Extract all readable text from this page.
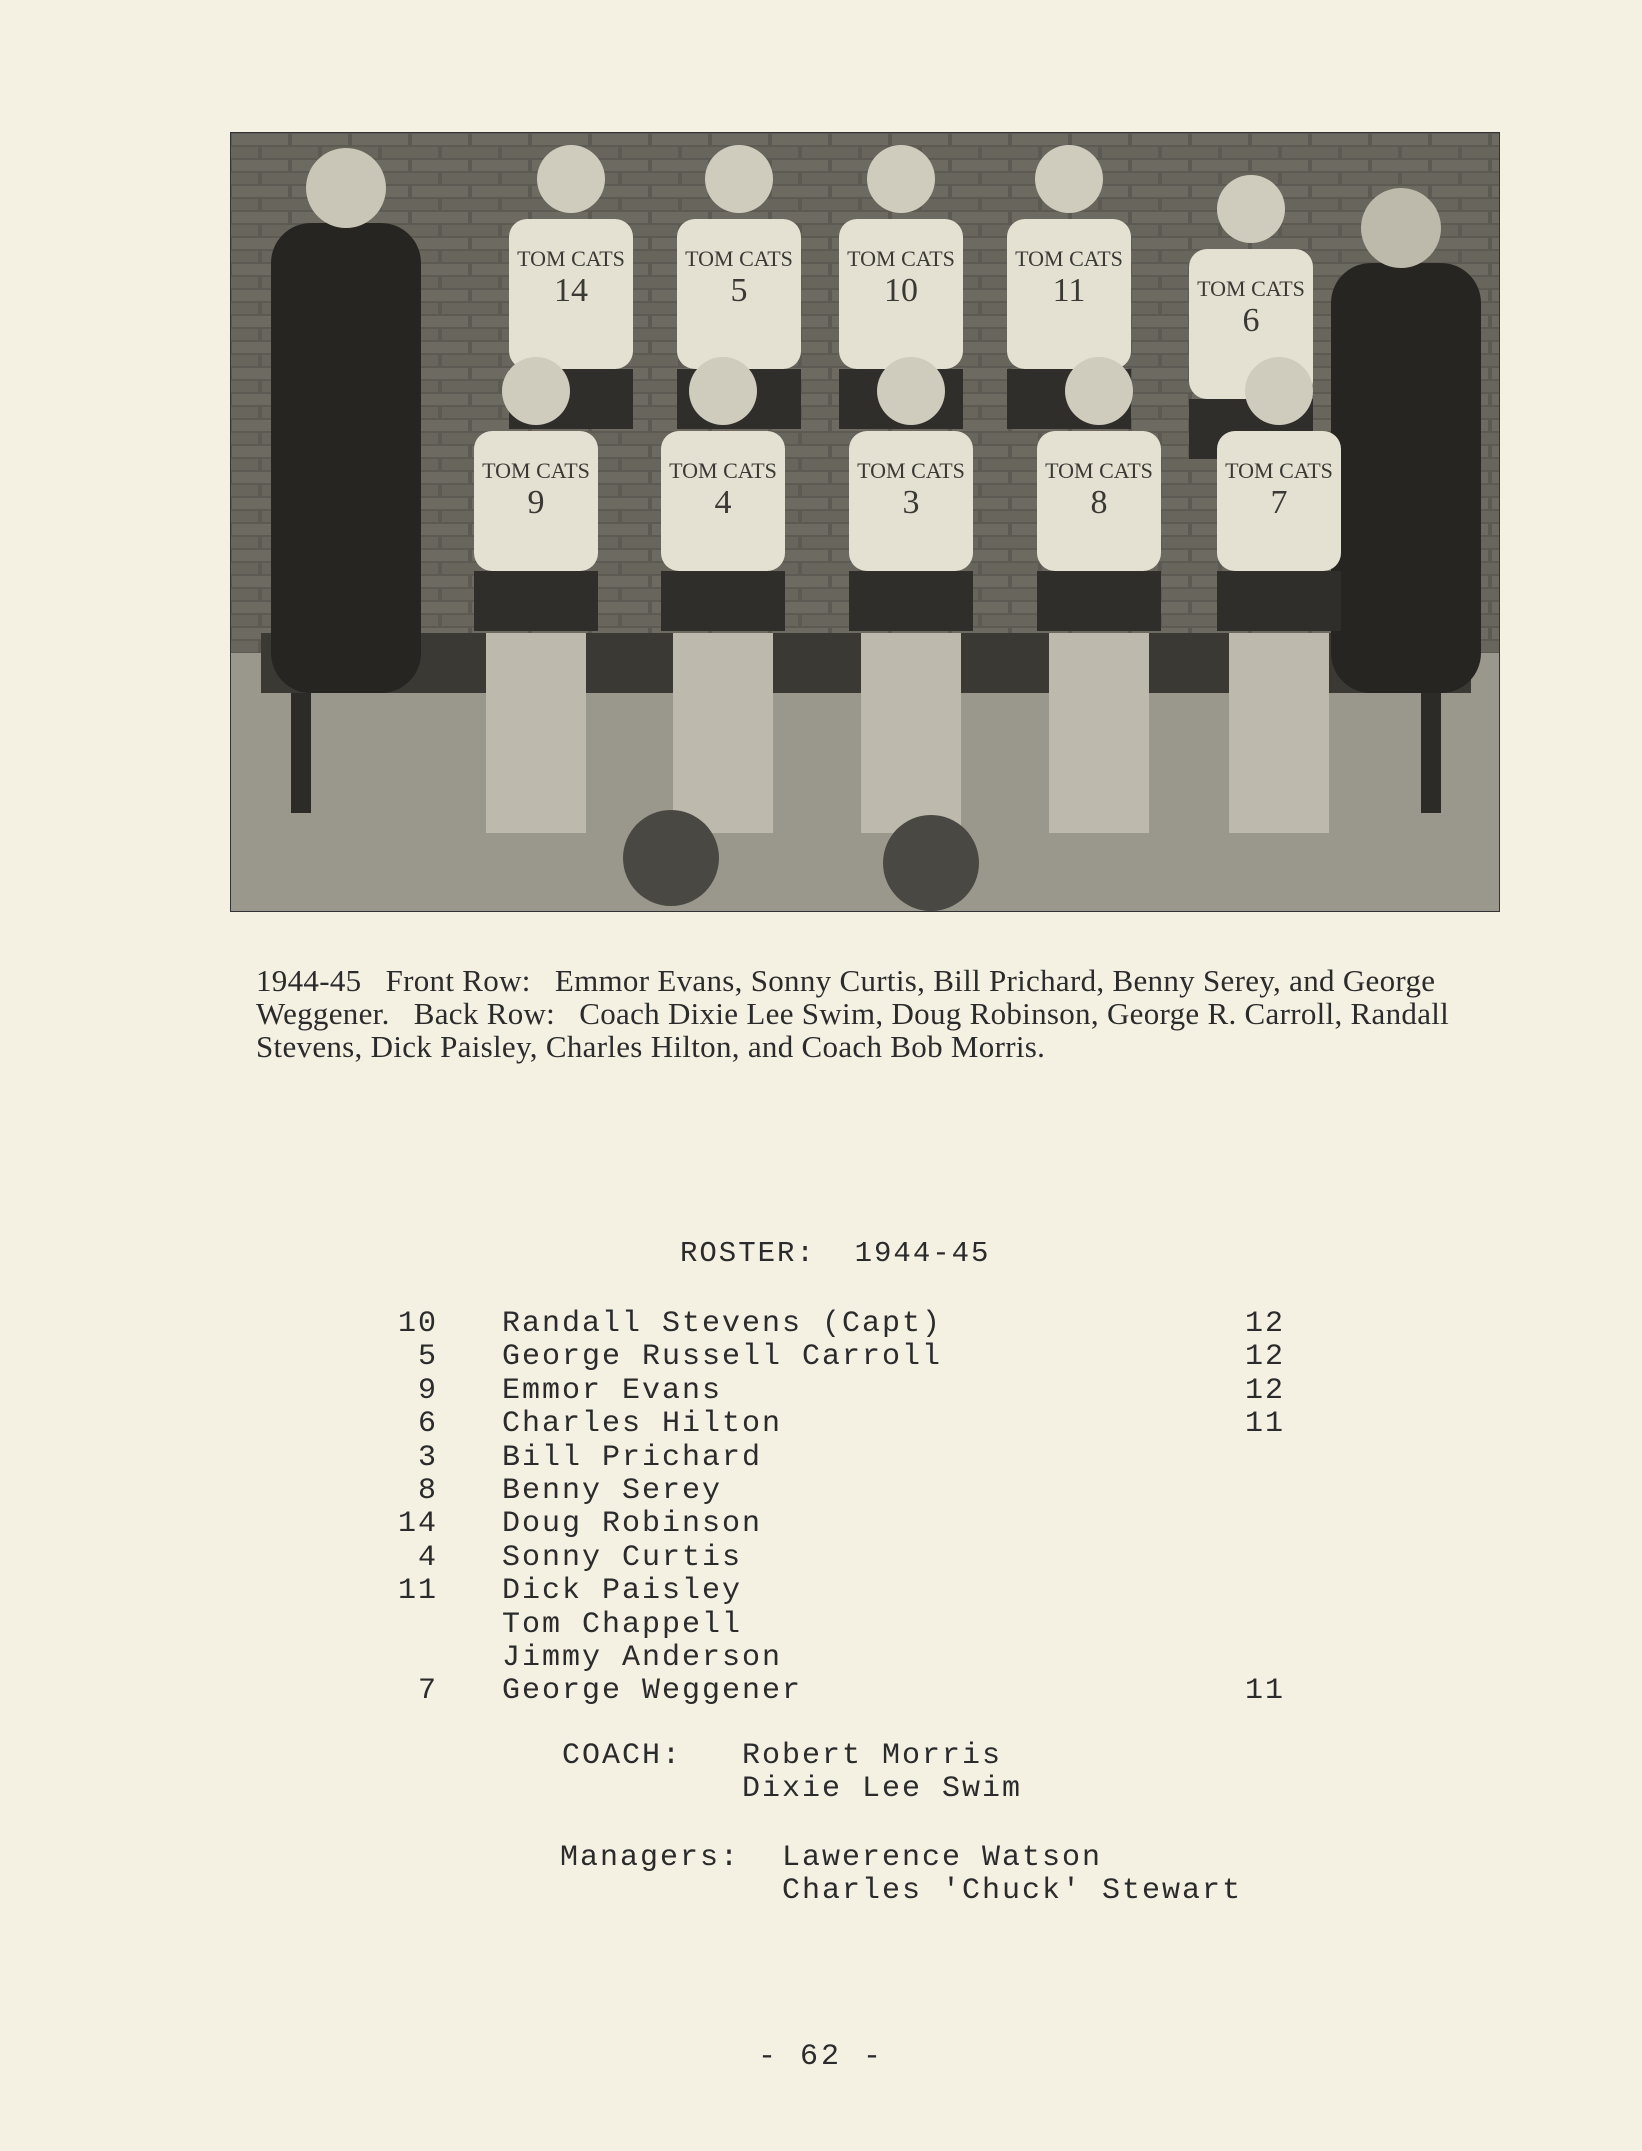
TOM CATS
14
TOM CATS
5
TOM CATS
10
TOM CATS
11	TOM CATS
6
TOM CATS
9
TOM CATS
4
TOM CATS
3
TOM CATS
8
TOM CATS
7
1944-45   Front Row:   Emmor Evans, Sonny Curtis, Bill Prichard, Benny Serey, and George Weggener.   Back Row:   Coach Dixie Lee Swim, Doug Robinson, George R. Carroll, Randall Stevens, Dick Paisley, Charles Hilton, and Coach Bob Morris.
ROSTER:  1944-45
10 Randall Stevens (Capt)	12
5 George Russell Carroll	12
9 Emmor Evans	12
6 Charles Hilton	11
3 Bill Prichard
8 Benny Serey
14 Doug Robinson
4 Sonny Curtis
11 Dick Paisley
Tom Chappell
Jimmy Anderson
7 George Weggener	11

COACH:

Robert Morris

Dixie Lee Swim

Managers:

Lawerence Watson

Charles 'Chuck' Stewart

- 62 -
